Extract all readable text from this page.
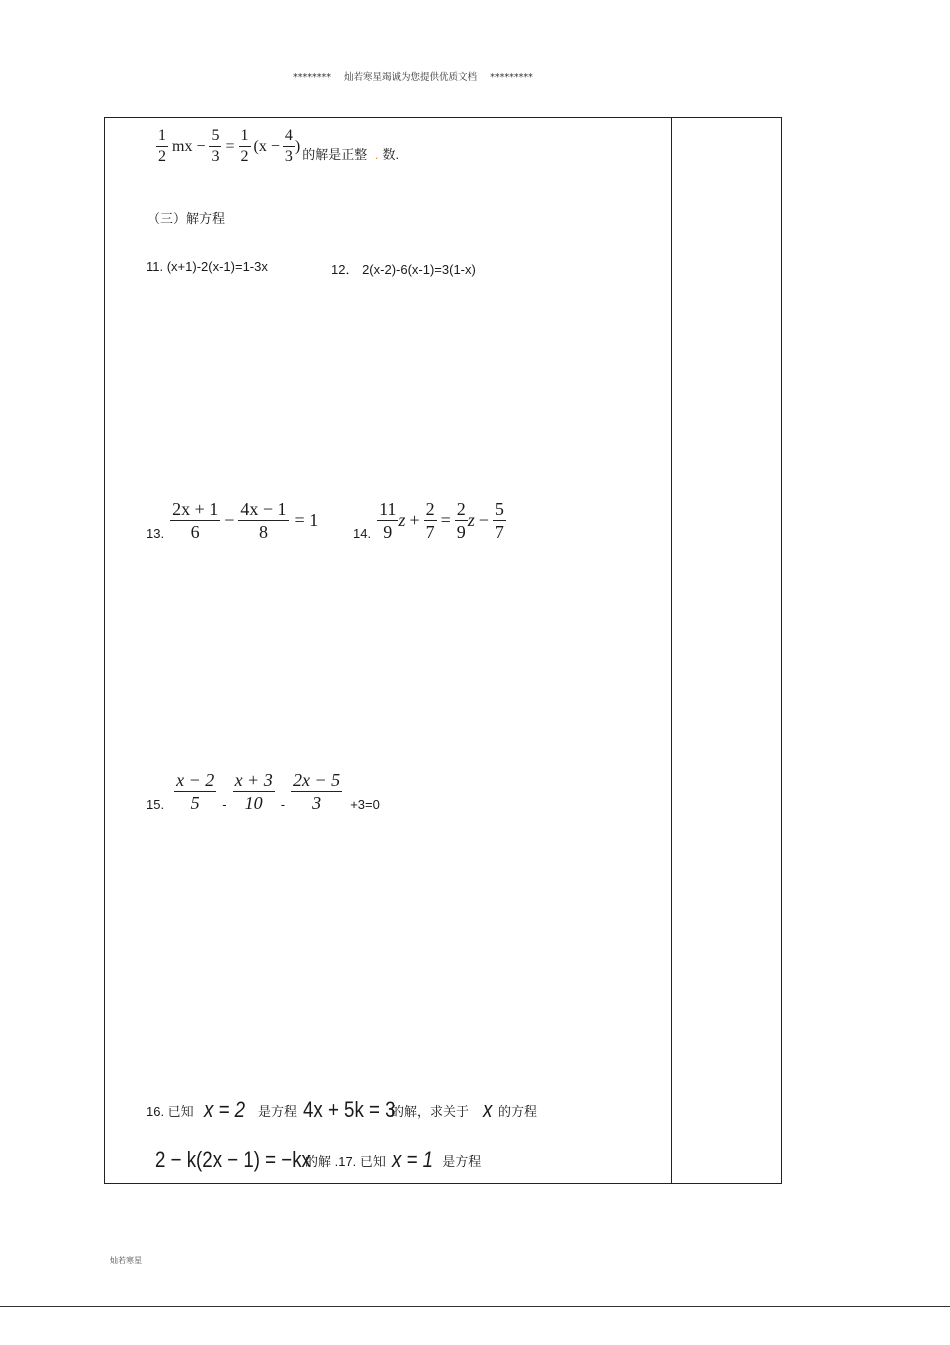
******** 灿若寒星竭诚为您提供优质文档 *********
$\frac{1}{2}$ mx − $\frac{5}{3} = \frac{1}{2} (x - \frac{4}{3}$ ) 的解是正整 . 数.
（三）解方程
11. (x+1)-2(x-1)=1-3x	12． 2(x-2)-6(x-1)=3(1-x)
13. $\frac{2x + 1}{6} - \frac{4x - 1}{8} = 1$
14. $\frac{11}{9}$ $z + \frac{2}{7} = \frac{2}{9}$ $z - \frac{5}{7}$
15. $\frac{x - 2}{5} - \frac{x + 3}{10} - \frac{2x - 5}{3} +3=0$
16. 已知 x = 2 是方程 4x + 5k = 3
的解，求关于 x 的方程
2 − k(2x − 1) = −kx
的解 .17. 已知 x = 1 是方程
灿若寒星
